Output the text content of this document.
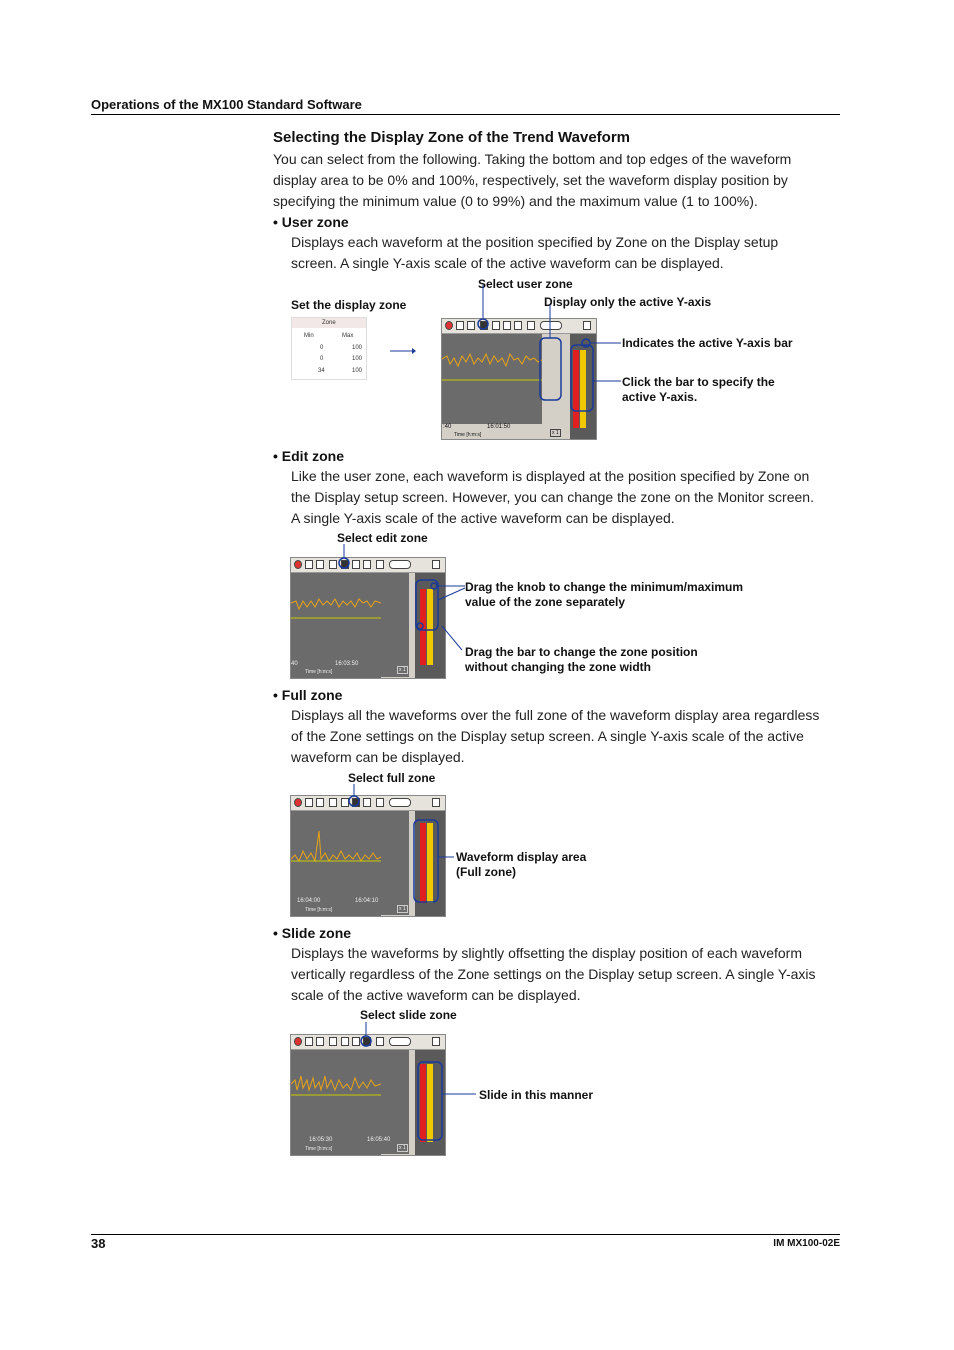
Operations of the MX100 Standard Software
Selecting the Display Zone of the Trend Waveform
You can select from the following. Taking the bottom and top edges of the waveform
display area to be 0% and 100%, respectively, set the waveform display position by
specifying the minimum value (0 to 99%) and the maximum value (1 to 100%).
• User zone
Displays each waveform at the position specified by Zone on the Display setup
screen. A single Y-axis scale of the active waveform can be displayed.
Select user zone
Set the display zone	Display only the active Y-axis
Indicates the active Y-axis bar
Click the bar to specify the
active Y-axis.
Zone
Min	Max
0	100
0	100
34	100
:40	16:01:50
Time [h:m:s]	x 1
• Edit zone
Like the user zone, each waveform is displayed at the position specified by Zone on
the Display setup screen. However, you can change the zone on the Monitor screen.
A single Y-axis scale of the active waveform can be displayed.
Select edit zone
Drag the knob to change the minimum/maximum
value of the zone separately
Drag the bar to change the zone position
without changing the zone width
40	16:03:50
Time [h:m:s]	x 1
• Full zone
Displays all the waveforms over the full zone of the waveform display area regardless
of the Zone settings on the Display setup screen. A single Y-axis scale of the active
waveform can be displayed.
Select full zone
Waveform display area
(Full zone)
16:04:00	16:04:10
Time [h:m:s]	x 1
• Slide zone
Displays the waveforms by slightly offsetting the display position of each waveform
vertically regardless of the Zone settings on the Display setup screen. A single Y-axis
scale of the active waveform can be displayed.
Select slide zone
Slide in this manner
16:05:30	16:05:40
Time [h:m:s]	x 1
38	IM MX100-02E
